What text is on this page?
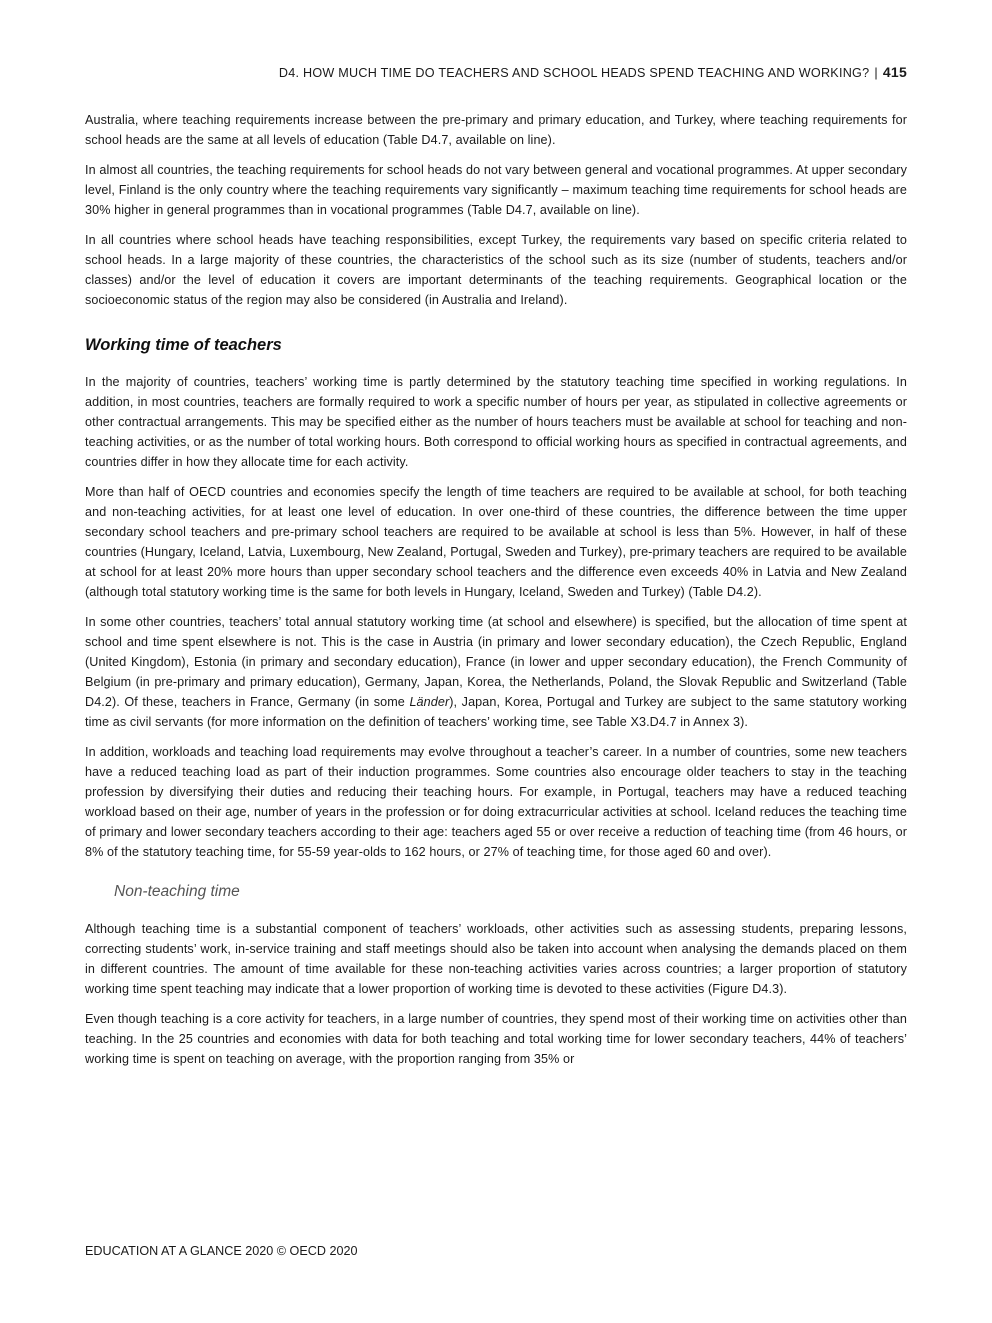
D4. HOW MUCH TIME DO TEACHERS AND SCHOOL HEADS SPEND TEACHING AND WORKING? | 415

Australia, where teaching requirements increase between the pre-primary and primary education, and Turkey, where teaching requirements for school heads are the same at all levels of education (Table D4.7, available on line).

In almost all countries, the teaching requirements for school heads do not vary between general and vocational programmes. At upper secondary level, Finland is the only country where the teaching requirements vary significantly – maximum teaching time requirements for school heads are 30% higher in general programmes than in vocational programmes (Table D4.7, available on line).

In all countries where school heads have teaching responsibilities, except Turkey, the requirements vary based on specific criteria related to school heads. In a large majority of these countries, the characteristics of the school such as its size (number of students, teachers and/or classes) and/or the level of education it covers are important determinants of the teaching requirements. Geographical location or the socioeconomic status of the region may also be considered (in Australia and Ireland).

Working time of teachers

In the majority of countries, teachers’ working time is partly determined by the statutory teaching time specified in working regulations. In addition, in most countries, teachers are formally required to work a specific number of hours per year, as stipulated in collective agreements or other contractual arrangements. This may be specified either as the number of hours teachers must be available at school for teaching and non-teaching activities, or as the number of total working hours. Both correspond to official working hours as specified in contractual agreements, and countries differ in how they allocate time for each activity.

More than half of OECD countries and economies specify the length of time teachers are required to be available at school, for both teaching and non-teaching activities, for at least one level of education. In over one-third of these countries, the difference between the time upper secondary school teachers and pre-primary school teachers are required to be available at school is less than 5%. However, in half of these countries (Hungary, Iceland, Latvia, Luxembourg, New Zealand, Portugal, Sweden and Turkey), pre-primary teachers are required to be available at school for at least 20% more hours than upper secondary school teachers and the difference even exceeds 40% in Latvia and New Zealand (although total statutory working time is the same for both levels in Hungary, Iceland, Sweden and Turkey) (Table D4.2).

In some other countries, teachers’ total annual statutory working time (at school and elsewhere) is specified, but the allocation of time spent at school and time spent elsewhere is not. This is the case in Austria (in primary and lower secondary education), the Czech Republic, England (United Kingdom), Estonia (in primary and secondary education), France (in lower and upper secondary education), the French Community of Belgium (in pre-primary and primary education), Germany, Japan, Korea, the Netherlands, Poland, the Slovak Republic and Switzerland (Table D4.2). Of these, teachers in France, Germany (in some Länder), Japan, Korea, Portugal and Turkey are subject to the same statutory working time as civil servants (for more information on the definition of teachers’ working time, see Table X3.D4.7 in Annex 3).

In addition, workloads and teaching load requirements may evolve throughout a teacher’s career. In a number of countries, some new teachers have a reduced teaching load as part of their induction programmes. Some countries also encourage older teachers to stay in the teaching profession by diversifying their duties and reducing their teaching hours. For example, in Portugal, teachers may have a reduced teaching workload based on their age, number of years in the profession or for doing extracurricular activities at school. Iceland reduces the teaching time of primary and lower secondary teachers according to their age: teachers aged 55 or over receive a reduction of teaching time (from 46 hours, or 8% of the statutory teaching time, for 55-59 year-olds to 162 hours, or 27% of teaching time, for those aged 60 and over).

Non-teaching time

Although teaching time is a substantial component of teachers’ workloads, other activities such as assessing students, preparing lessons, correcting students’ work, in-service training and staff meetings should also be taken into account when analysing the demands placed on them in different countries. The amount of time available for these non-teaching activities varies across countries; a larger proportion of statutory working time spent teaching may indicate that a lower proportion of working time is devoted to these activities (Figure D4.3).

Even though teaching is a core activity for teachers, in a large number of countries, they spend most of their working time on activities other than teaching. In the 25 countries and economies with data for both teaching and total working time for lower secondary teachers, 44% of teachers’ working time is spent on teaching on average, with the proportion ranging from 35% or

EDUCATION AT A GLANCE 2020 © OECD 2020
